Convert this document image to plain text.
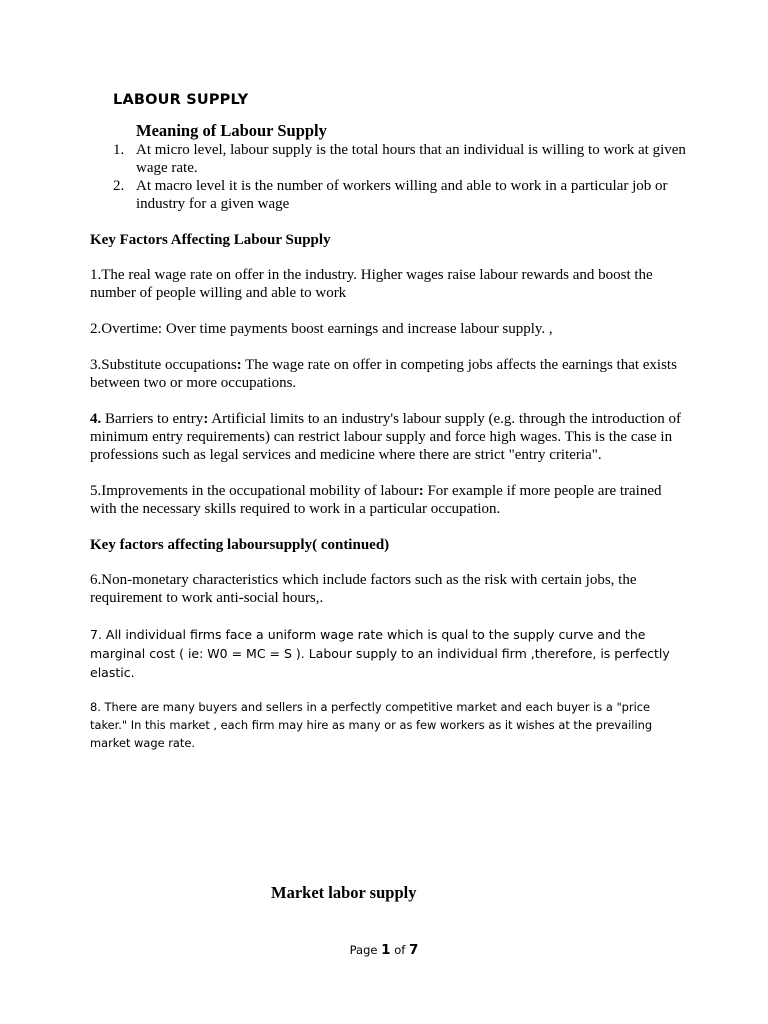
LABOUR SUPPLY
Meaning of Labour Supply
1. At micro level, labour supply is the total hours that an individual is willing to work at given wage rate.
2. At macro level it is the number of workers willing and able to work in a particular job or industry for a given wage
Key Factors Affecting Labour Supply

1.The real wage rate on offer in the industry. Higher wages raise labour rewards and boost the number of people willing and able to work

2.Overtime: Over time payments boost earnings and increase labour supply. ,

3.Substitute occupations: The wage rate on offer in competing jobs affects the earnings that exists between two or more occupations.

4. Barriers to entry: Artificial limits to an industry's labour supply (e.g. through the introduction of minimum entry requirements) can restrict labour supply and force high wages. This is the case in professions such as legal services and medicine where there are strict "entry criteria".

5.Improvements in the occupational mobility of labour: For example if more people are trained with the necessary skills required to work in a particular occupation.

Key factors affecting laboursupply( continued)

6.Non-monetary characteristics which include factors such as the risk with certain jobs, the requirement to work anti-social hours,.

7. All individual firms face a uniform wage rate which is qual to the supply curve and the marginal cost ( ie: W0 = MC = S ). Labour supply to an individual firm ,therefore, is perfectly elastic.

8. There are many buyers and sellers in a perfectly competitive market and each buyer is a "price taker." In this market , each firm may hire as many or as few workers as it wishes at the prevailing market wage rate.

Market labor supply
Page 1 of 7
